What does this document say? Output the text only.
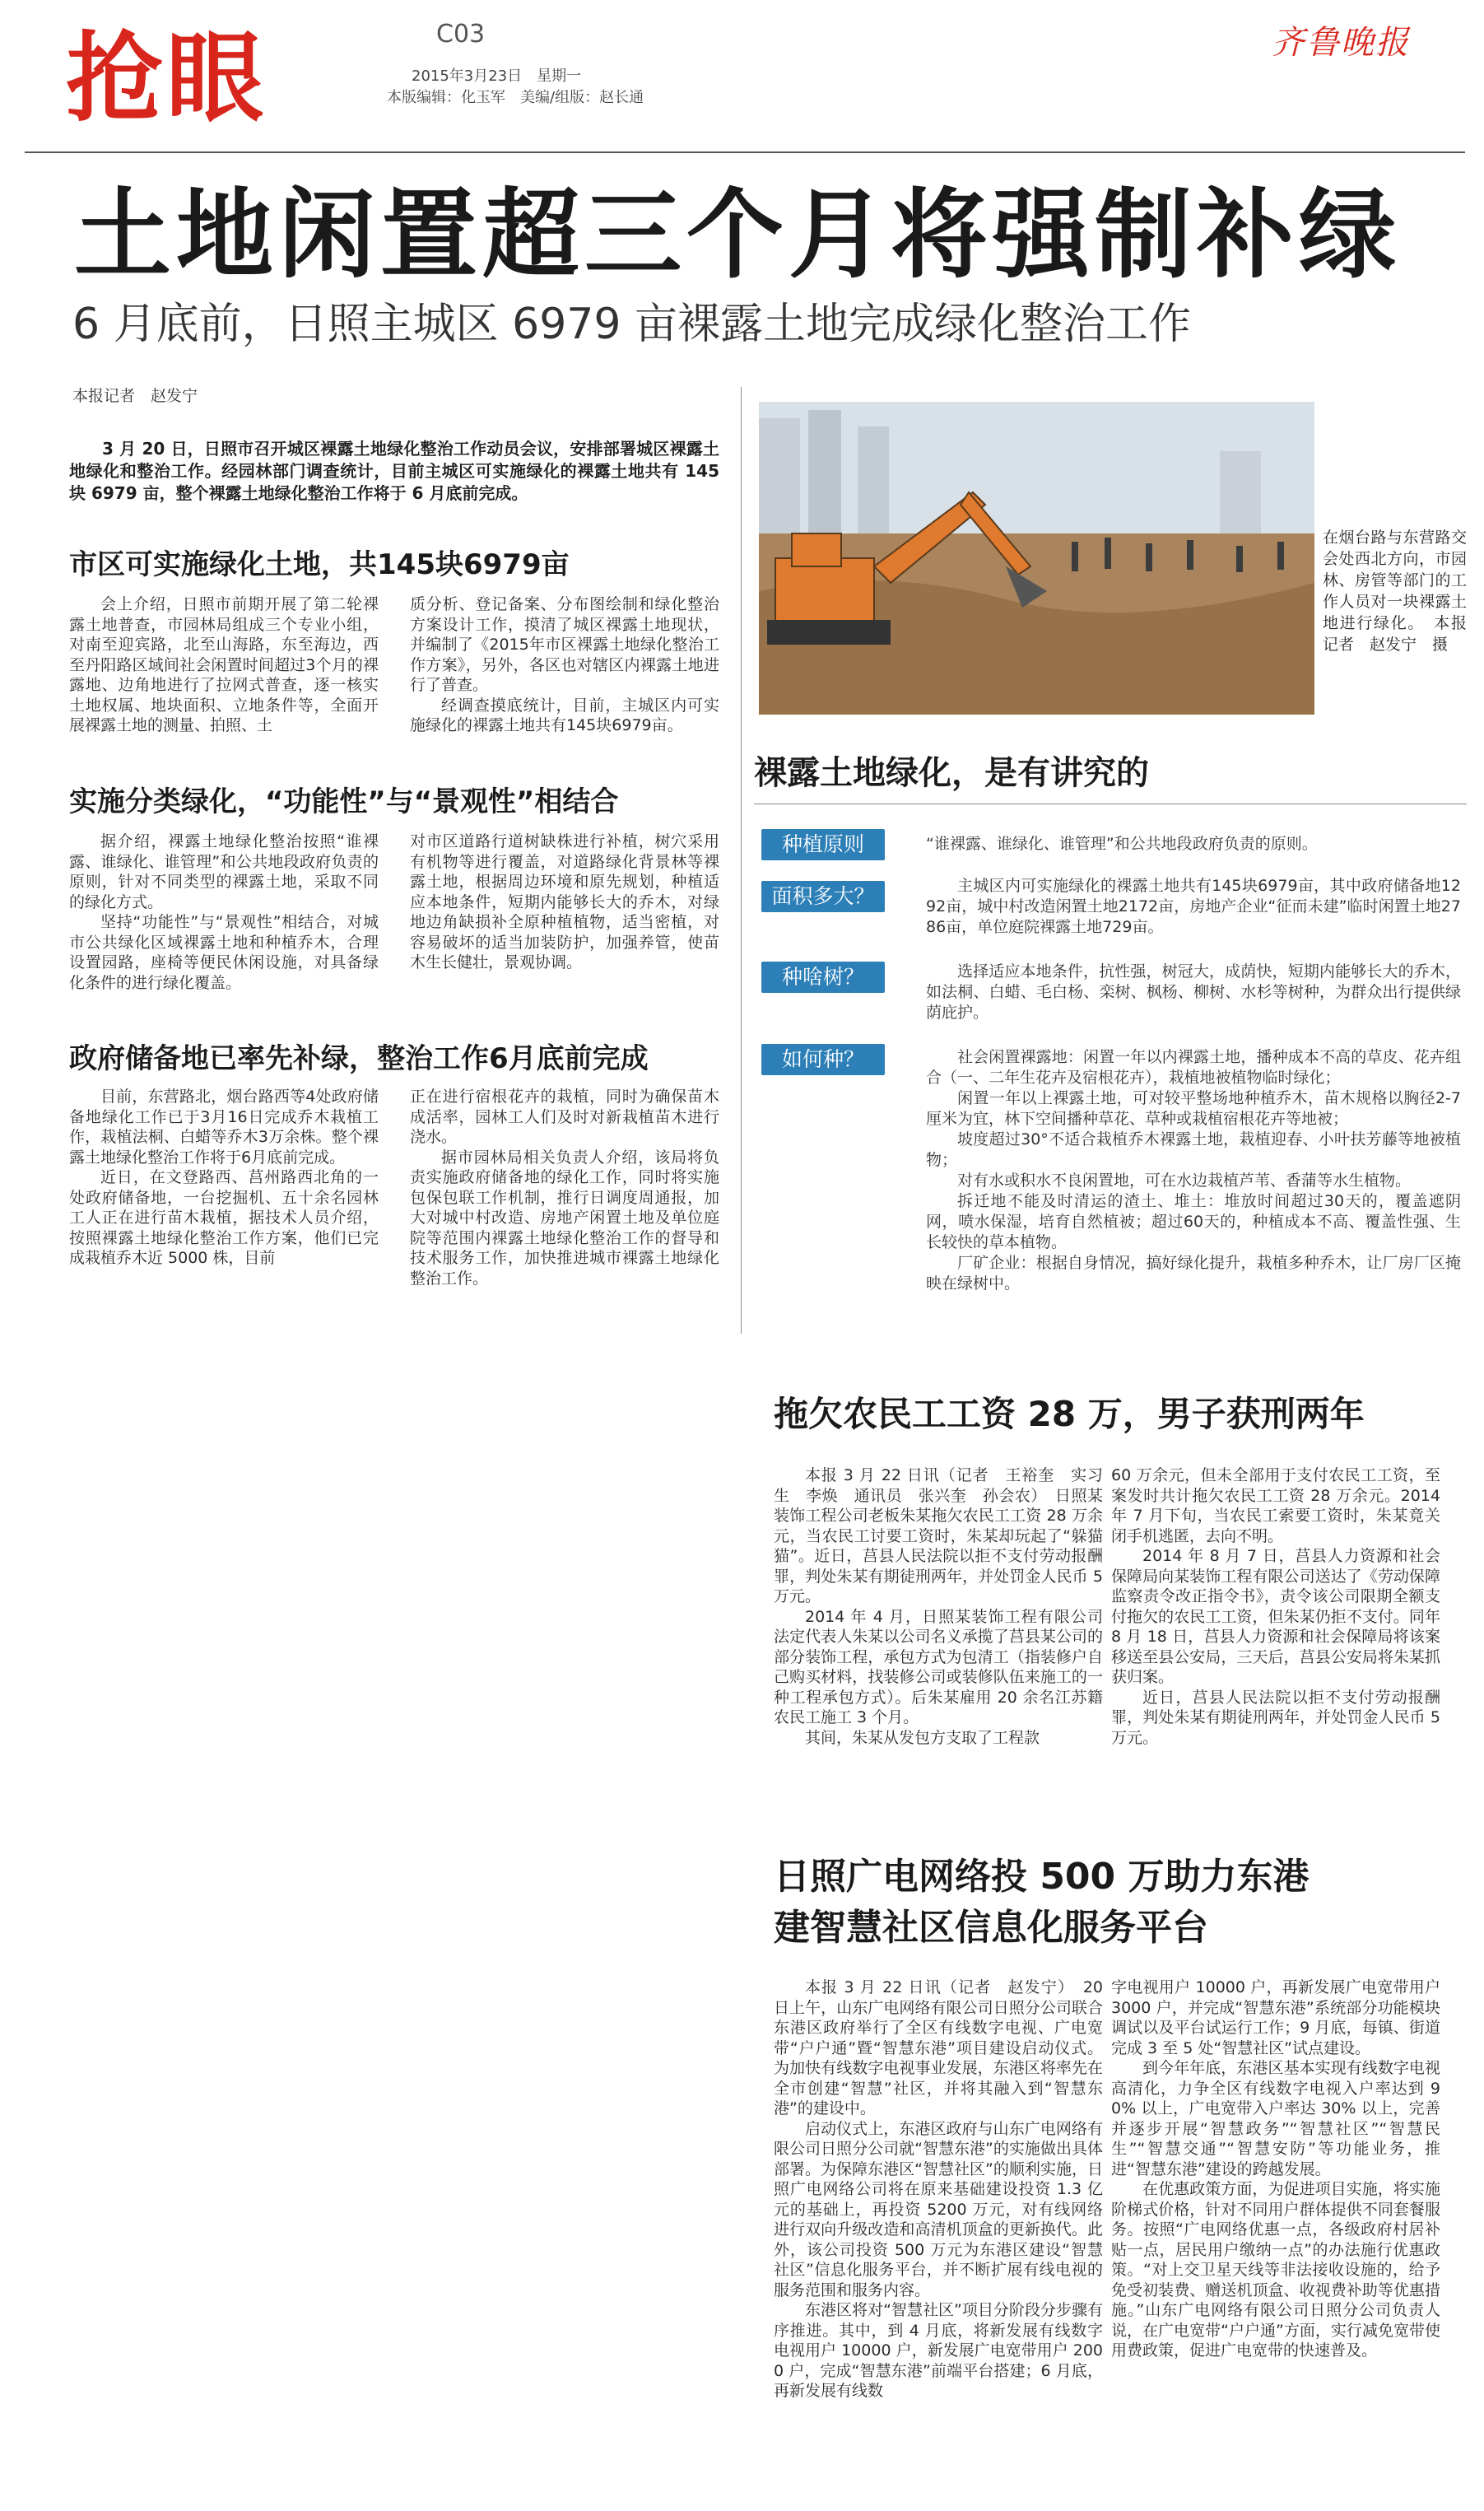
抢眼	C03
2015年3月23日　星期一
本版编辑：化玉军　美编/组版：赵长通
齐鲁晚报
土地闲置超三个月将强制补绿
6 月底前，日照主城区 6979 亩裸露土地完成绿化整治工作
本报记者　赵发宁

3 月 20 日，日照市召开城区裸露土地绿化整治工作动员会议，安排部署城区裸露土地绿化和整治工作。经园林部门调查统计，目前主城区可实施绿化的裸露土地共有 145 块 6979 亩，整个裸露土地绿化整治工作将于 6 月底前完成。

市区可实施绿化土地，共145块6979亩

会上介绍，日照市前期开展了第二轮裸露土地普查，市园林局组成三个专业小组，对南至迎宾路，北至山海路，东至海边，西至丹阳路区域间社会闲置时间超过3个月的裸露地、边角地进行了拉网式普查，逐一核实土地权属、地块面积、立地条件等，全面开展裸露土地的测量、拍照、土

质分析、登记备案、分布图绘制和绿化整治方案设计工作，摸清了城区裸露土地现状，并编制了《2015年市区裸露土地绿化整治工作方案》，另外，各区也对辖区内裸露土地进行了普查。

经调查摸底统计，目前，主城区内可实施绿化的裸露土地共有145块6979亩。

实施分类绿化，“功能性”与“景观性”相结合

据介绍，裸露土地绿化整治按照“谁裸露、谁绿化、谁管理”和公共地段政府负责的原则，针对不同类型的裸露土地，采取不同的绿化方式。

坚持“功能性”与“景观性”相结合，对城市公共绿化区域裸露土地和种植乔木，合理设置园路，座椅等便民休闲设施，对具备绿化条件的进行绿化覆盖。

对市区道路行道树缺株进行补植，树穴采用有机物等进行覆盖，对道路绿化背景林等裸露土地，根据周边环境和原先规划，种植适应本地条件，短期内能够长大的乔木，对绿地边角缺损补全原种植植物，适当密植，对容易破坏的适当加装防护，加强养管，使苗木生长健壮，景观协调。

政府储备地已率先补绿，整治工作6月底前完成

目前，东营路北，烟台路西等4处政府储备地绿化工作已于3月16日完成乔木栽植工作，栽植法桐、白蜡等乔木3万余株。整个裸露土地绿化整治工作将于6月底前完成。

近日，在文登路西、莒州路西北角的一处政府储备地，一台挖掘机、五十余名园林工人正在进行苗木栽植，据技术人员介绍，按照裸露土地绿化整治工作方案，他们已完成栽植乔木近 5000 株，目前

正在进行宿根花卉的栽植，同时为确保苗木成活率，园林工人们及时对新栽植苗木进行浇水。

据市园林局相关负责人介绍，该局将负责实施政府储备地的绿化工作，同时将实施包保包联工作机制，推行日调度周通报，加大对城中村改造、房地产闲置土地及单位庭院等范围内裸露土地绿化整治工作的督导和技术服务工作，加快推进城市裸露土地绿化整治工作。

在烟台路与东营路交会处西北方向，市园林、房管等部门的工作人员对一块裸露土地进行绿化。　本报记者　赵发宁　摄
裸露土地绿化，是有讲究的
种植原则	“谁裸露、谁绿化、谁管理”和公共地段政府负责的原则。
面积多大？	主城区内可实施绿化的裸露土地共有145块6979亩，其中政府储备地1292亩，城中村改造闲置土地2172亩，房地产企业“征而未建”临时闲置土地2786亩，单位庭院裸露土地729亩。

种啥树？	选择适应本地条件，抗性强，树冠大，成荫快，短期内能够长大的乔木，如法桐、白蜡、毛白杨、栾树、枫杨、柳树、水杉等树种，为群众出行提供绿荫庇护。

如何种？	社会闲置裸露地：闲置一年以内裸露土地，播种成本不高的草皮、花卉组合（一、二年生花卉及宿根花卉），栽植地被植物临时绿化；

闲置一年以上裸露土地，可对较平整场地种植乔木，苗木规格以胸径2-7厘米为宜，林下空间播种草花、草种或栽植宿根花卉等地被；

坡度超过30°不适合栽植乔木裸露土地，栽植迎春、小叶扶芳藤等地被植物；

对有水或积水不良闲置地，可在水边栽植芦苇、香蒲等水生植物。

拆迁地不能及时清运的渣土、堆土：堆放时间超过30天的，覆盖遮阴网，喷水保湿，培育自然植被；超过60天的，种植成本不高、覆盖性强、生长较快的草本植物。

厂矿企业：根据自身情况，搞好绿化提升，栽植多种乔木，让厂房厂区掩映在绿树中。

拖欠农民工工资 28 万，男子获刑两年

本报 3 月 22 日讯（记者　王裕奎　实习生　李焕　通讯员　张兴奎　孙会农）　日照某装饰工程公司老板朱某拖欠农民工工资 28 万余元，当农民工讨要工资时，朱某却玩起了“躲猫猫”。近日，莒县人民法院以拒不支付劳动报酬罪，判处朱某有期徒刑两年，并处罚金人民币 5 万元。

2014 年 4 月，日照某装饰工程有限公司法定代表人朱某以公司名义承揽了莒县某公司的部分装饰工程，承包方式为包清工（指装修户自己购买材料，找装修公司或装修队伍来施工的一种工程承包方式）。后朱某雇用 20 余名江苏籍农民工施工 3 个月。

其间，朱某从发包方支取了工程款

60 万余元，但未全部用于支付农民工工资，至案发时共计拖欠农民工工资 28 万余元。2014 年 7 月下旬，当农民工索要工资时，朱某竟关闭手机逃匿，去向不明。

2014 年 8 月 7 日，莒县人力资源和社会保障局向某装饰工程有限公司送达了《劳动保障监察责令改正指令书》，责令该公司限期全额支付拖欠的农民工工资，但朱某仍拒不支付。同年 8 月 18 日，莒县人力资源和社会保障局将该案移送至县公安局，三天后，莒县公安局将朱某抓获归案。

近日，莒县人民法院以拒不支付劳动报酬罪，判处朱某有期徒刑两年，并处罚金人民币 5 万元。

日照广电网络投 500 万助力东港
建智慧社区信息化服务平台

本报 3 月 22 日讯（记者　赵发宁）　20 日上午，山东广电网络有限公司日照分公司联合东港区政府举行了全区有线数字电视、广电宽带“户户通”暨“智慧东港”项目建设启动仪式。为加快有线数字电视事业发展，东港区将率先在全市创建“智慧”社区，并将其融入到“智慧东港”的建设中。

启动仪式上，东港区政府与山东广电网络有限公司日照分公司就“智慧东港”的实施做出具体部署。为保障东港区“智慧社区”的顺利实施，日照广电网络公司将在原来基础建设投资 1.3 亿元的基础上，再投资 5200 万元，对有线网络进行双向升级改造和高清机顶盒的更新换代。此外，该公司投资 500 万元为东港区建设“智慧社区”信息化服务平台，并不断扩展有线电视的服务范围和服务内容。

东港区将对“智慧社区”项目分阶段分步骤有序推进。其中，到 4 月底，将新发展有线数字电视用户 10000 户，新发展广电宽带用户 2000 户，完成“智慧东港”前端平台搭建；6 月底，再新发展有线数

字电视用户 10000 户，再新发展广电宽带用户 3000 户，并完成“智慧东港”系统部分功能模块调试以及平台试运行工作；9 月底，每镇、街道完成 3 至 5 处“智慧社区”试点建设。

到今年年底，东港区基本实现有线数字电视高清化，力争全区有线数字电视入户率达到 90% 以上，广电宽带入户率达 30% 以上，完善并逐步开展“智慧政务”“智慧社区”“智慧民生”“智慧交通”“智慧安防”等功能业务，推进“智慧东港”建设的跨越发展。

在优惠政策方面，为促进项目实施，将实施阶梯式价格，针对不同用户群体提供不同套餐服务。按照“广电网络优惠一点，各级政府村居补贴一点，居民用户缴纳一点”的办法施行优惠政策。“对上交卫星天线等非法接收设施的，给予免受初装费、赠送机顶盒、收视费补助等优惠措施。”山东广电网络有限公司日照分公司负责人说，在广电宽带“户户通”方面，实行减免宽带使用费政策，促进广电宽带的快速普及。
